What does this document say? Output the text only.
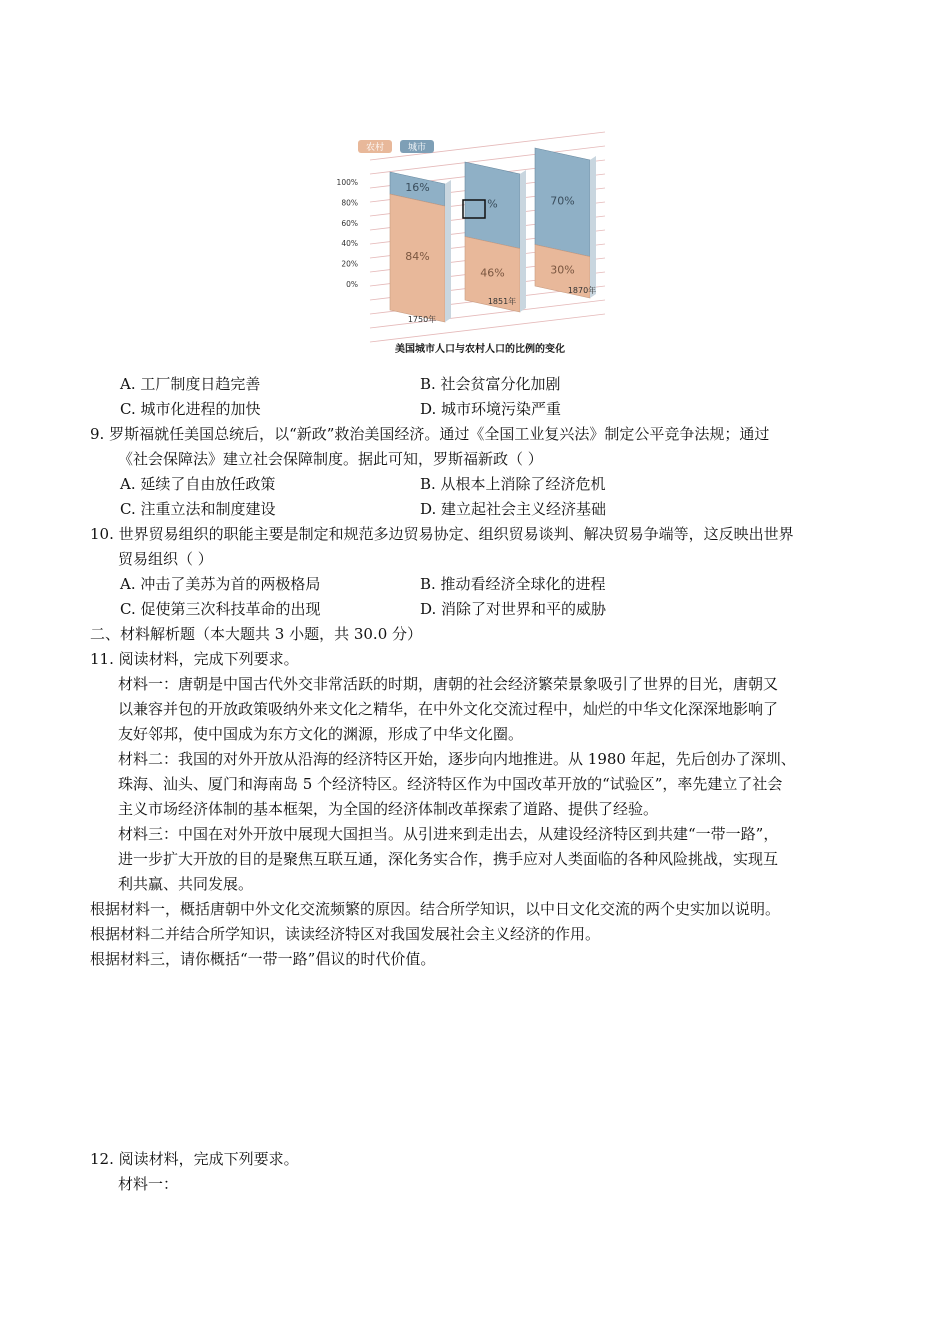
农村	城市
100%
80%
60%
40%
20%
0%
16%
84%
1750年
%
46%
1851年
70%
30%
1870年
美国城市人口与农村人口的比例的变化
A. 工厂制度日趋完善	B. 社会贫富分化加剧
C. 城市化进程的加快	D. 城市环境污染严重
9. 罗斯福就任美国总统后，以“新政”救治美国经济。通过《全国工业复兴法》制定公平竞争法规；通过
《社会保障法》建立社会保障制度。据此可知，罗斯福新政（ ）
A. 延续了自由放任政策	B. 从根本上消除了经济危机
C. 注重立法和制度建设	D. 建立起社会主义经济基础
10. 世界贸易组织的职能主要是制定和规范多边贸易协定、组织贸易谈判、解决贸易争端等，这反映出世界
贸易组织（ ）
A. 冲击了美苏为首的两极格局	B. 推动看经济全球化的进程
C. 促使第三次科技革命的出现	D. 消除了对世界和平的威胁
二、材料解析题（本大题共 3 小题，共 30.0 分）
11. 阅读材料，完成下列要求。
材料一：唐朝是中国古代外交非常活跃的时期，唐朝的社会经济繁荣景象吸引了世界的目光，唐朝又
以兼容并包的开放政策吸纳外来文化之精华，在中外文化交流过程中，灿烂的中华文化深深地影响了
友好邻邦，使中国成为东方文化的渊源，形成了中华文化圈。
材料二：我国的对外开放从沿海的经济特区开始，逐步向内地推进。从 1980 年起，先后创办了深圳、
珠海、汕头、厦门和海南岛 5 个经济特区。经济特区作为中国改革开放的“试验区”，率先建立了社会
主义市场经济体制的基本框架，为全国的经济体制改革探索了道路、提供了经验。
材料三：中国在对外开放中展现大国担当。从引进来到走出去，从建设经济特区到共建“一带一路”，
进一步扩大开放的目的是聚焦互联互通，深化务实合作，携手应对人类面临的各种风险挑战，实现互
利共赢、共同发展。
根据材料一，概括唐朝中外文化交流频繁的原因。结合所学知识，以中日文化交流的两个史实加以说明。
根据材料二并结合所学知识，读读经济特区对我国发展社会主义经济的作用。
根据材料三，请你概括“一带一路”倡议的时代价值。
12. 阅读材料，完成下列要求。
材料一：
